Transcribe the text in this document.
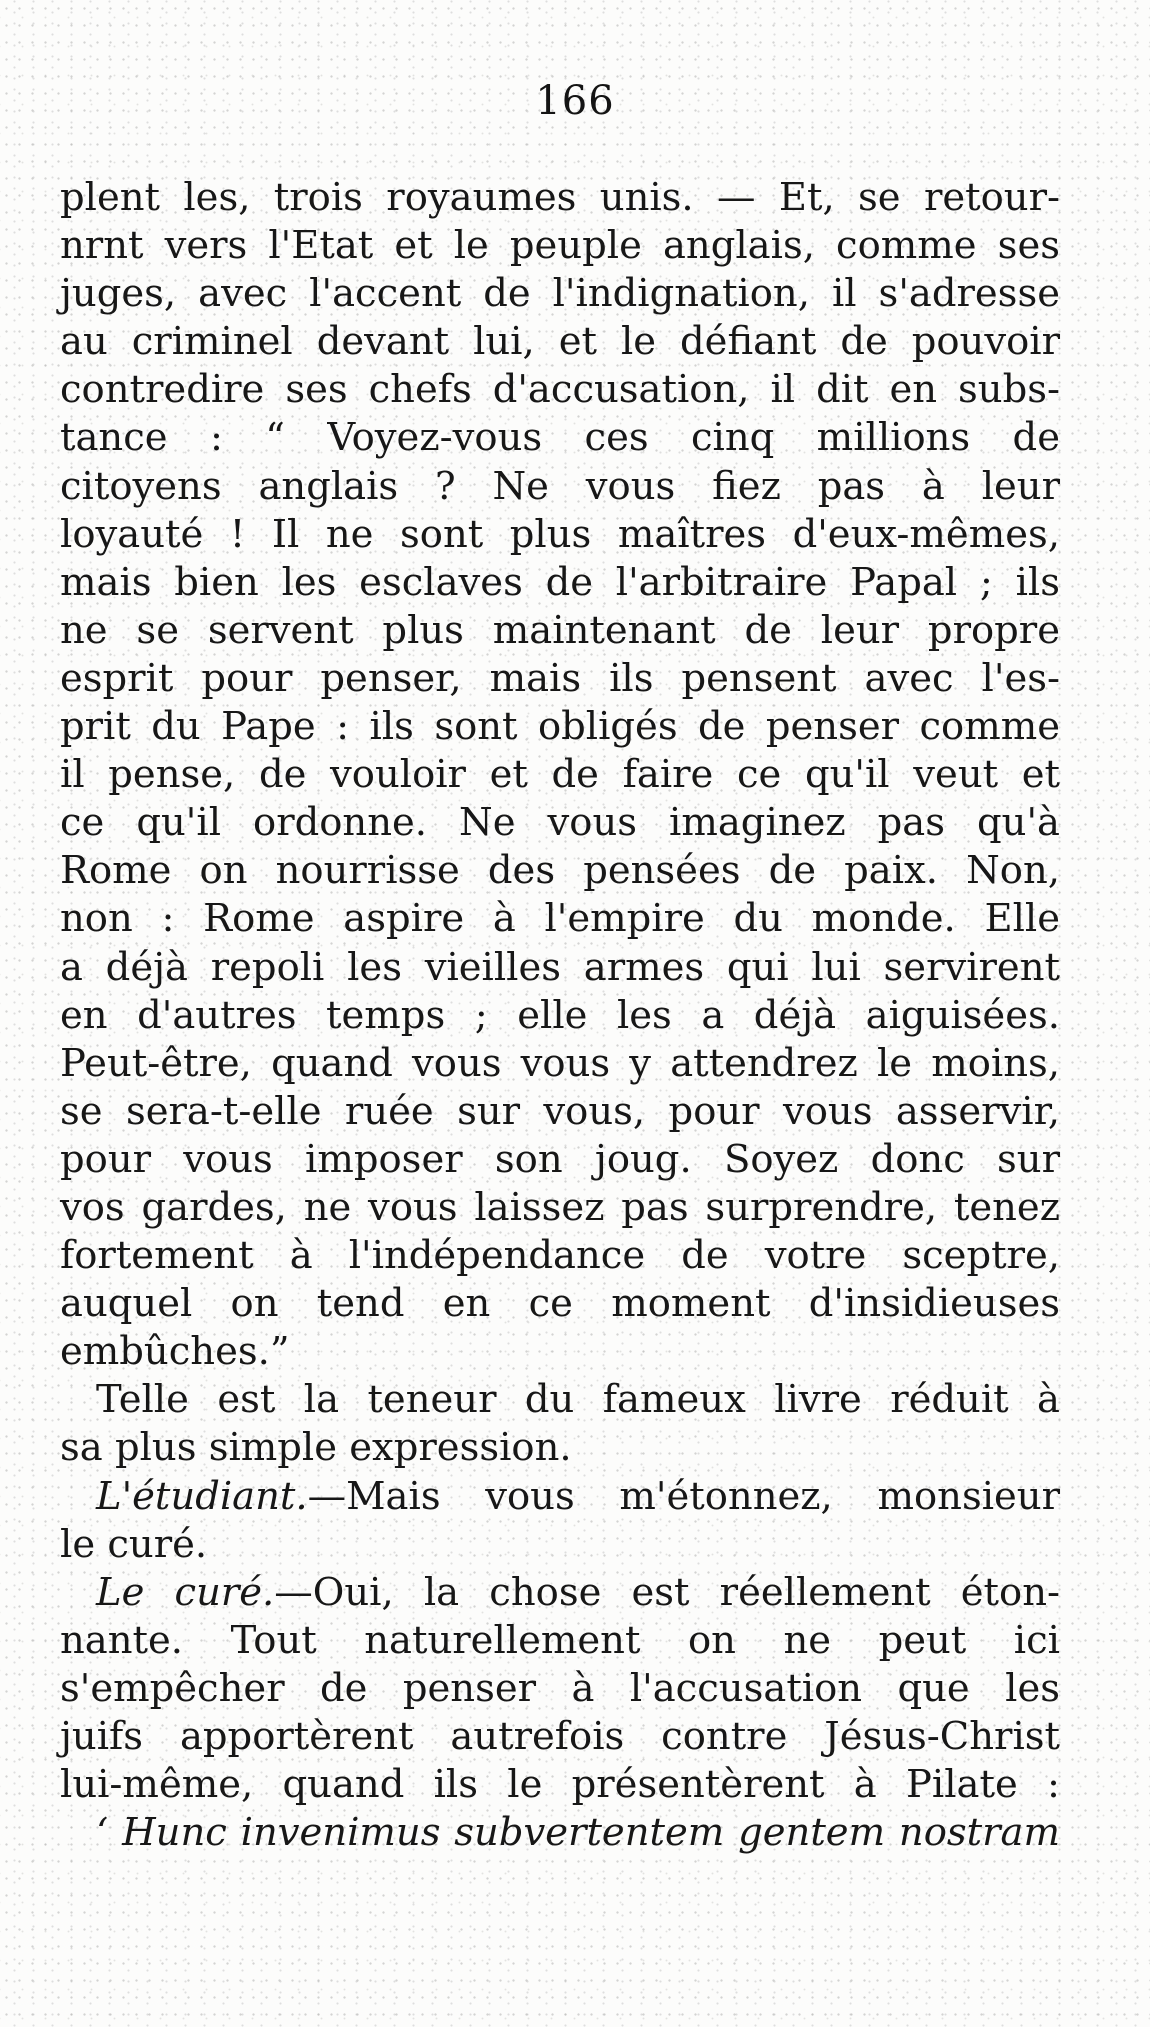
166
plent les, trois royaumes unis. — Et, se retour-
nrnt vers l'Etat et le peuple anglais, comme ses
juges, avec l'accent de l'indignation, il s'adresse
au criminel devant lui, et le défiant de pouvoir
contredire ses chefs d'accusation, il dit en subs-
tance : “ Voyez-vous ces cinq millions de
citoyens anglais ? Ne vous fiez pas à leur
loyauté ! Il ne sont plus maîtres d'eux-mêmes,
mais bien les esclaves de l'arbitraire Papal ; ils
ne se servent plus maintenant de leur propre
esprit pour penser, mais ils pensent avec l'es-
prit du Pape : ils sont obligés de penser comme
il pense, de vouloir et de faire ce qu'il veut et
ce qu'il ordonne. Ne vous imaginez pas qu'à
Rome on nourrisse des pensées de paix. Non,
non : Rome aspire à l'empire du monde. Elle
a déjà repoli les vieilles armes qui lui servirent
en d'autres temps ; elle les a déjà aiguisées.
Peut-être, quand vous vous y attendrez le moins,
se sera-t-elle ruée sur vous, pour vous asservir,
pour vous imposer son joug. Soyez donc sur
vos gardes, ne vous laissez pas surprendre, tenez
fortement à l'indépendance de votre sceptre,
auquel on tend en ce moment d'insidieuses
embûches.”
Telle est la teneur du fameux livre réduit à
sa plus simple expression.
L'étudiant.—Mais vous m'étonnez, monsieur
le curé.
Le curé.—Oui, la chose est réellement éton-
nante. Tout naturellement on ne peut ici
s'empêcher de penser à l'accusation que les
juifs apportèrent autrefois contre Jésus-Christ
lui-même, quand ils le présentèrent à Pilate :
‘ Hunc invenimus subvertentem gentem nostram
